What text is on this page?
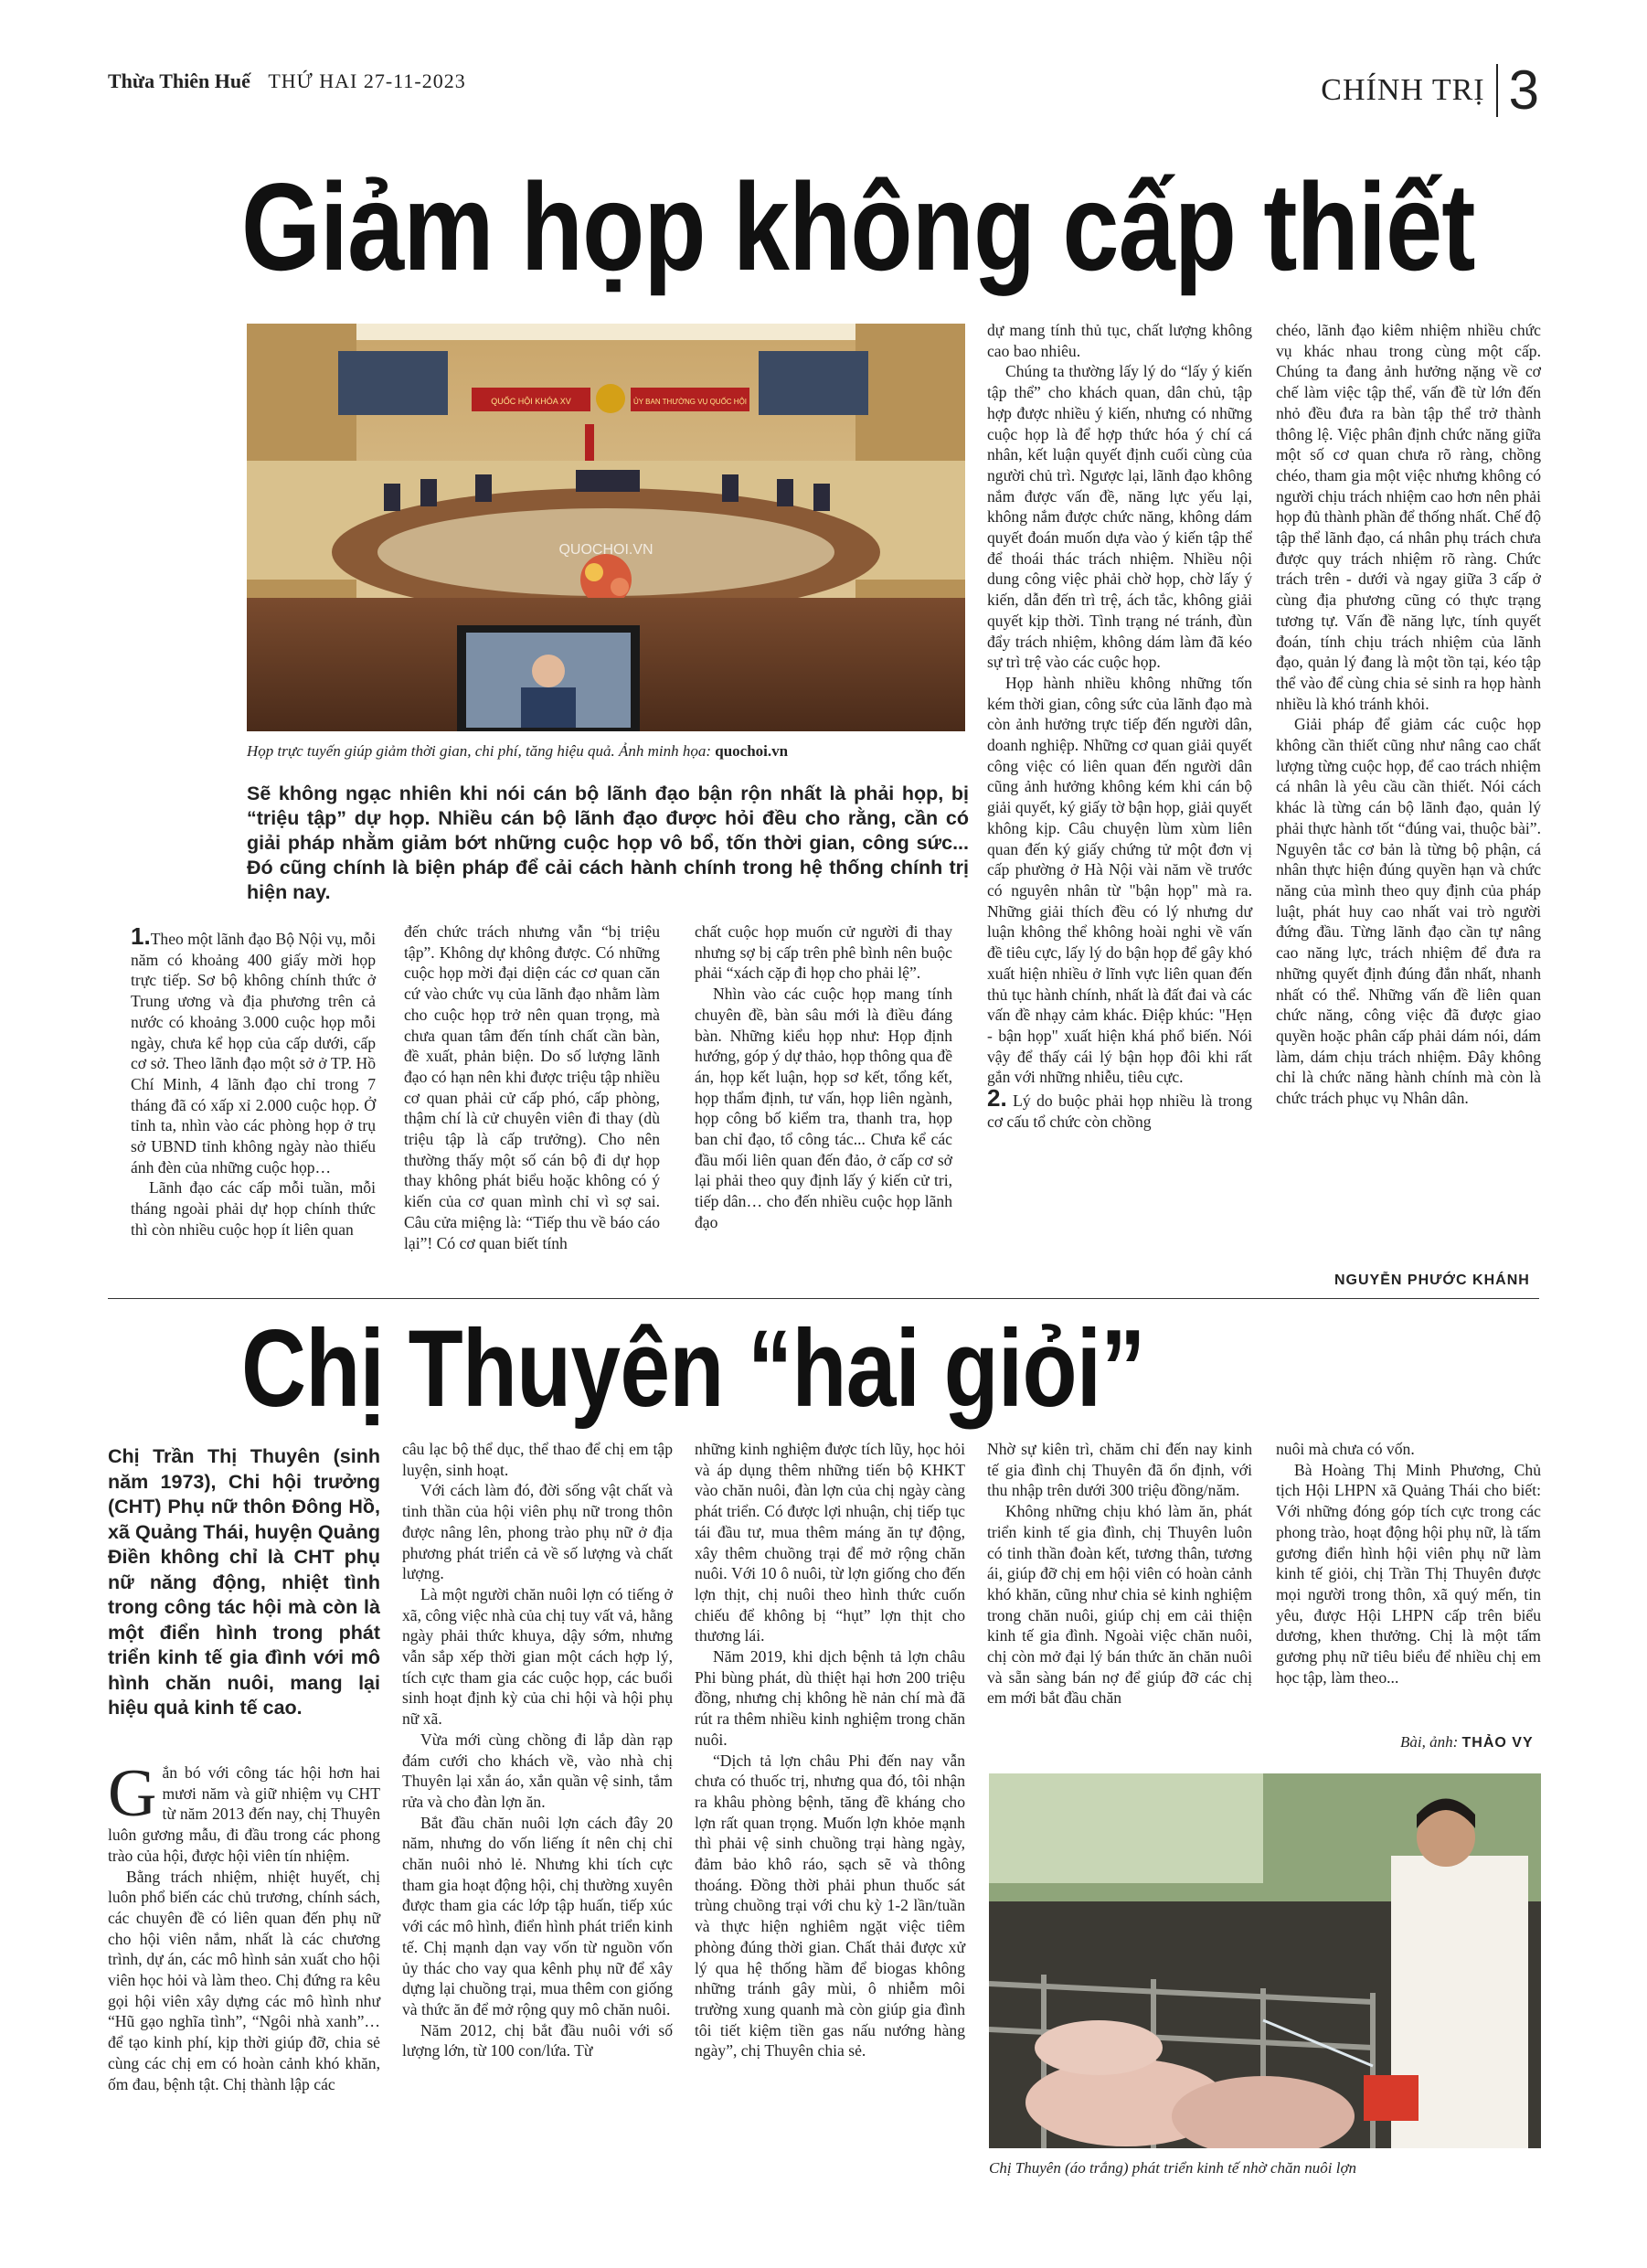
Thừa Thiên Huế THỨ HAI 27-11-2023	CHÍNH TRỊ 3
Giảm họp không cấp thiết
QUỐC HỘI KHÓA XV	ỦY BAN THƯỜNG VỤ QUỐC HỘI
QUOCHOI.VN
Họp trực tuyến giúp giảm thời gian, chi phí, tăng hiệu quả. Ảnh minh họa: quochoi.vn
Sẽ không ngạc nhiên khi nói cán bộ lãnh đạo bận rộn nhất là phải họp, bị “triệu tập” dự họp. Nhiều cán bộ lãnh đạo được hỏi đều cho rằng, cần có giải pháp nhằm giảm bớt những cuộc họp vô bổ, tốn thời gian, công sức... Đó cũng chính là biện pháp để cải cách hành chính trong hệ thống chính trị hiện nay.

1.Theo một lãnh đạo Bộ Nội vụ, mỗi năm có khoảng 400 giấy mời họp trực tiếp. Sơ bộ không chính thức ở Trung ương và địa phương trên cả nước có khoảng 3.000 cuộc họp mỗi ngày, chưa kể họp của cấp dưới, cấp cơ sở. Theo lãnh đạo một sở ở TP. Hồ Chí Minh, 4 lãnh đạo chỉ trong 7 tháng đã có xấp xỉ 2.000 cuộc họp. Ở tỉnh ta, nhìn vào các phòng họp ở trụ sở UBND tỉnh không ngày nào thiếu ánh đèn của những cuộc họp…

Lãnh đạo các cấp mỗi tuần, mỗi tháng ngoài phải dự họp chính thức thì còn nhiều cuộc họp ít liên quan

đến chức trách nhưng vẫn “bị triệu tập”. Không dự không được. Có những cuộc họp mời đại diện các cơ quan căn cứ vào chức vụ của lãnh đạo nhằm làm cho cuộc họp trở nên quan trọng, mà chưa quan tâm đến tính chất cần bàn, đề xuất, phản biện. Do số lượng lãnh đạo có hạn nên khi được triệu tập nhiều cơ quan phải cử cấp phó, cấp phòng, thậm chí là cử chuyên viên đi thay (dù triệu tập là cấp trưởng). Cho nên thường thấy một số cán bộ đi dự họp thay không phát biểu hoặc không có ý kiến của cơ quan mình chỉ vì sợ sai. Câu cửa miệng là: “Tiếp thu về báo cáo lại”! Có cơ quan biết tính

chất cuộc họp muốn cử người đi thay nhưng sợ bị cấp trên phê bình nên buộc phải “xách cặp đi họp cho phải lệ”.

Nhìn vào các cuộc họp mang tính chuyên đề, bàn sâu mới là điều đáng bàn. Những kiểu họp như: Họp định hướng, góp ý dự thảo, họp thông qua đề án, họp kết luận, họp sơ kết, tổng kết, họp thẩm định, tư vấn, họp liên ngành, họp công bố kiểm tra, thanh tra, họp ban chỉ đạo, tổ công tác... Chưa kể các đầu mối liên quan đến đảo, ở cấp cơ sở lại phải theo quy định lấy ý kiến cử tri, tiếp dân… cho đến nhiều cuộc họp lãnh đạo

dự mang tính thủ tục, chất lượng không cao bao nhiêu.

Chúng ta thường lấy lý do “lấy ý kiến tập thể” cho khách quan, dân chủ, tập hợp được nhiều ý kiến, nhưng có những cuộc họp là để hợp thức hóa ý chí cá nhân, kết luận quyết định cuối cùng của người chủ trì. Ngược lại, lãnh đạo không nắm được vấn đề, năng lực yếu lại, không nắm được chức năng, không dám quyết đoán muốn dựa vào ý kiến tập thể để thoái thác trách nhiệm. Nhiều nội dung công việc phải chờ họp, chờ lấy ý kiến, dẫn đến trì trệ, ách tắc, không giải quyết kịp thời. Tình trạng né tránh, đùn đẩy trách nhiệm, không dám làm đã kéo sự trì trệ vào các cuộc họp.

Họp hành nhiều không những tốn kém thời gian, công sức của lãnh đạo mà còn ảnh hưởng trực tiếp đến người dân, doanh nghiệp. Những cơ quan giải quyết công việc có liên quan đến người dân cũng ảnh hưởng không kém khi cán bộ giải quyết, ký giấy tờ bận họp, giải quyết không kịp. Câu chuyện lùm xùm liên quan đến ký giấy chứng tử một đơn vị cấp phường ở Hà Nội vài năm về trước có nguyên nhân từ "bận họp" mà ra. Những giải thích đều có lý nhưng dư luận không thể không hoài nghi về vấn đề tiêu cực, lấy lý do bận họp để gây khó xuất hiện nhiều ở lĩnh vực liên quan đến thủ tục hành chính, nhất là đất đai và các vấn đề nhạy cảm khác. Điệp khúc: "Hẹn - bận họp" xuất hiện khá phổ biến. Nói vậy để thấy cái lý bận họp đôi khi rất gắn với những nhiễu, tiêu cực.

2. Lý do buộc phải họp nhiều là trong cơ cấu tổ chức còn chồng

chéo, lãnh đạo kiêm nhiệm nhiều chức vụ khác nhau trong cùng một cấp. Chúng ta đang ảnh hưởng nặng về cơ chế làm việc tập thể, vấn đề từ lớn đến nhỏ đều đưa ra bàn tập thể trở thành thông lệ. Việc phân định chức năng giữa một số cơ quan chưa rõ ràng, chồng chéo, tham gia một việc nhưng không có người chịu trách nhiệm cao hơn nên phải họp đủ thành phần để thống nhất. Chế độ tập thể lãnh đạo, cá nhân phụ trách chưa được quy trách nhiệm rõ ràng. Chức trách trên - dưới và ngay giữa 3 cấp ở cùng địa phương cũng có thực trạng tương tự. Vấn đề năng lực, tính quyết đoán, tính chịu trách nhiệm của lãnh đạo, quản lý đang là một tồn tại, kéo tập thể vào để cùng chia sẻ sinh ra họp hành nhiều là khó tránh khỏi.

Giải pháp để giảm các cuộc họp không cần thiết cũng như nâng cao chất lượng từng cuộc họp, để cao trách nhiệm cá nhân là yêu cầu cần thiết. Nói cách khác là từng cán bộ lãnh đạo, quản lý phải thực hành tốt “đúng vai, thuộc bài”. Nguyên tắc cơ bản là từng bộ phận, cá nhân thực hiện đúng quyền hạn và chức năng của mình theo quy định của pháp luật, phát huy cao nhất vai trò người đứng đầu. Từng lãnh đạo cần tự nâng cao năng lực, trách nhiệm để đưa ra những quyết định đúng đắn nhất, nhanh nhất có thể. Những vấn đề liên quan chức năng, công việc đã được giao quyền hoặc phân cấp phải dám nói, dám làm, dám chịu trách nhiệm. Đây không chỉ là chức năng hành chính mà còn là chức trách phục vụ Nhân dân.

NGUYỄN PHƯỚC KHÁNH
Chị Thuyên “hai giỏi”
Chị Trần Thị Thuyên (sinh năm 1973), Chi hội trưởng (CHT) Phụ nữ thôn Đông Hồ, xã Quảng Thái, huyện Quảng Điền không chỉ là CHT phụ nữ năng động, nhiệt tình trong công tác hội mà còn là một điển hình trong phát triển kinh tế gia đình với mô hình chăn nuôi, mang lại hiệu quả kinh tế cao.

Gắn bó với công tác hội hơn hai mươi năm và giữ nhiệm vụ CHT từ năm 2013 đến nay, chị Thuyên luôn gương mẫu, đi đầu trong các phong trào của hội, được hội viên tín nhiệm.

Bằng trách nhiệm, nhiệt huyết, chị luôn phổ biến các chủ trương, chính sách, các chuyên đề có liên quan đến phụ nữ cho hội viên nắm, nhất là các chương trình, dự án, các mô hình sản xuất cho hội viên học hỏi và làm theo. Chị đứng ra kêu gọi hội viên xây dựng các mô hình như “Hũ gạo nghĩa tình”, “Ngôi nhà xanh”… để tạo kinh phí, kịp thời giúp đỡ, chia sẻ cùng các chị em có hoàn cảnh khó khăn, ốm đau, bệnh tật. Chị thành lập các

câu lạc bộ thể dục, thể thao để chị em tập luyện, sinh hoạt.

Với cách làm đó, đời sống vật chất và tinh thần của hội viên phụ nữ trong thôn được nâng lên, phong trào phụ nữ ở địa phương phát triển cả về số lượng và chất lượng.

Là một người chăn nuôi lợn có tiếng ở xã, công việc nhà của chị tuy vất vả, hằng ngày phải thức khuya, dậy sớm, nhưng vẫn sắp xếp thời gian một cách hợp lý, tích cực tham gia các cuộc họp, các buổi sinh hoạt định kỳ của chi hội và hội phụ nữ xã.

Vừa mới cùng chồng đi lắp dàn rạp đám cưới cho khách về, vào nhà chị Thuyên lại xắn áo, xắn quần vệ sinh, tắm rửa và cho đàn lợn ăn.

Bắt đầu chăn nuôi lợn cách đây 20 năm, nhưng do vốn liếng ít nên chị chỉ chăn nuôi nhỏ lẻ. Nhưng khi tích cực tham gia hoạt động hội, chị thường xuyên được tham gia các lớp tập huấn, tiếp xúc với các mô hình, điển hình phát triển kinh tế. Chị mạnh dạn vay vốn từ nguồn vốn ủy thác cho vay qua kênh phụ nữ để xây dựng lại chuồng trại, mua thêm con giống và thức ăn để mở rộng quy mô chăn nuôi.

Năm 2012, chị bắt đầu nuôi với số lượng lớn, từ 100 con/lứa. Từ

những kinh nghiệm được tích lũy, học hỏi và áp dụng thêm những tiến bộ KHKT vào chăn nuôi, đàn lợn của chị ngày càng phát triển. Có được lợi nhuận, chị tiếp tục tái đầu tư, mua thêm máng ăn tự động, xây thêm chuồng trại để mở rộng chăn nuôi. Với 10 ô nuôi, từ lợn giống cho đến lợn thịt, chị nuôi theo hình thức cuốn chiếu để không bị “hụt” lợn thịt cho thương lái.

Năm 2019, khi dịch bệnh tả lợn châu Phi bùng phát, dù thiệt hại hơn 200 triệu đồng, nhưng chị không hề nản chí mà đã rút ra thêm nhiều kinh nghiệm trong chăn nuôi.

“Dịch tả lợn châu Phi đến nay vẫn chưa có thuốc trị, nhưng qua đó, tôi nhận ra khâu phòng bệnh, tăng đề kháng cho lợn rất quan trọng. Muốn lợn khỏe mạnh thì phải vệ sinh chuồng trại hàng ngày, đảm bảo khô ráo, sạch sẽ và thông thoáng. Đồng thời phải phun thuốc sát trùng chuồng trại với chu kỳ 1-2 lần/tuần và thực hiện nghiêm ngặt việc tiêm phòng đúng thời gian. Chất thải được xử lý qua hệ thống hầm để biogas không những tránh gây mùi, ô nhiễm môi trường xung quanh mà còn giúp gia đình tôi tiết kiệm tiền gas nấu nướng hàng ngày”, chị Thuyên chia sẻ.

Nhờ sự kiên trì, chăm chỉ đến nay kinh tế gia đình chị Thuyên đã ổn định, với thu nhập trên dưới 300 triệu đồng/năm.

Không những chịu khó làm ăn, phát triển kinh tế gia đình, chị Thuyên luôn có tinh thần đoàn kết, tương thân, tương ái, giúp đỡ chị em hội viên có hoàn cảnh khó khăn, cũng như chia sẻ kinh nghiệm trong chăn nuôi, giúp chị em cải thiện kinh tế gia đình. Ngoài việc chăn nuôi, chị còn mở đại lý bán thức ăn chăn nuôi và sẵn sàng bán nợ để giúp đỡ các chị em mới bắt đầu chăn

nuôi mà chưa có vốn.

Bà Hoàng Thị Minh Phương, Chủ tịch Hội LHPN xã Quảng Thái cho biết: Với những đóng góp tích cực trong các phong trào, hoạt động hội phụ nữ, là tấm gương điển hình hội viên phụ nữ làm kinh tế giỏi, chị Trần Thị Thuyên được mọi người trong thôn, xã quý mến, tin yêu, được Hội LHPN cấp trên biểu dương, khen thưởng. Chị là một tấm gương phụ nữ tiêu biểu để nhiều chị em học tập, làm theo...

Bài, ảnh: THẢO VY
Chị Thuyên (áo trắng) phát triển kinh tế nhờ chăn nuôi lợn
